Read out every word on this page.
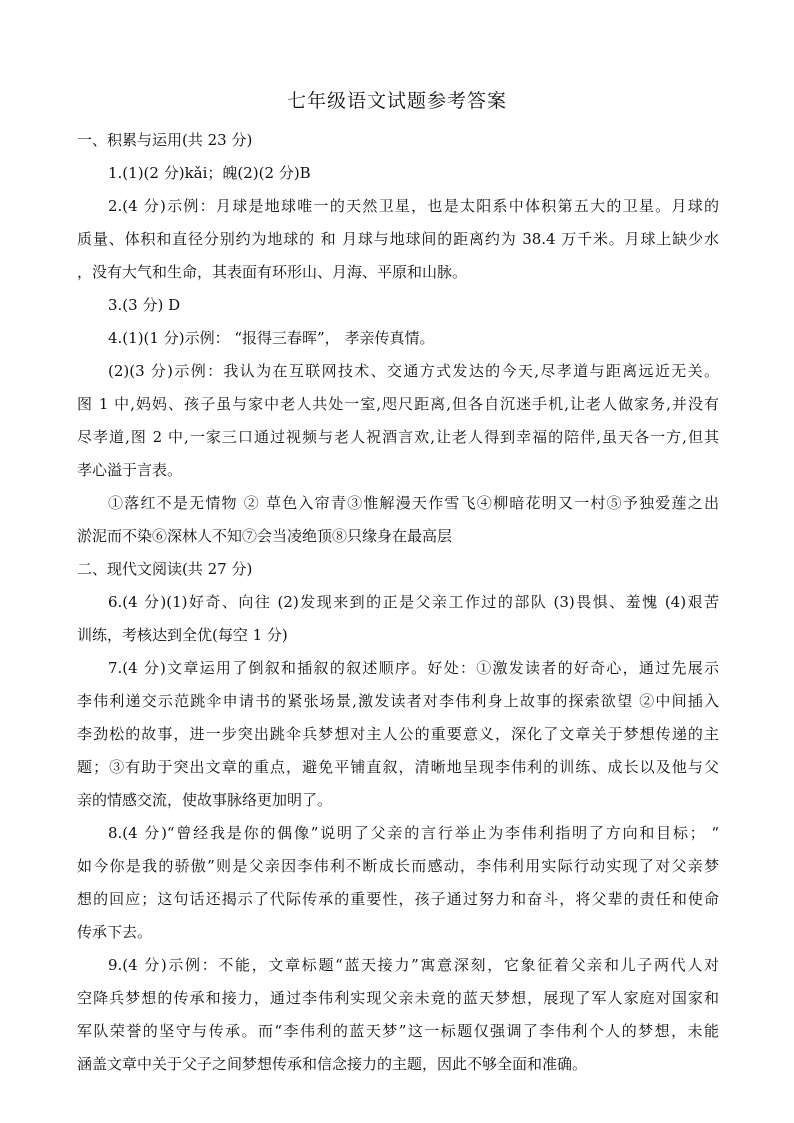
七年级语文试题参考答案
一、积累与运用(共 23 分)
1.(1)(2 分)kǎi；魄(2)(2 分)B
2.(4 分)示例：月球是地球唯一的天然卫星，也是太阳系中体积第五大的卫星。月球的
质量、体积和直径分别约为地球的 和 月球与地球间的距离约为 38.4 万千米。月球上缺少水
，没有大气和生命，其表面有环形山、月海、平原和山脉。
3.(3 分) D
4.(1)(1 分)示例： “报得三春晖”， 孝亲传真情。
(2)(3 分)示例：我认为在互联网技术、交通方式发达的今天,尽孝道与距离远近无关。
图 1 中,妈妈、孩子虽与家中老人共处一室,咫尺距离,但各自沉迷手机,让老人做家务,并没有
尽孝道,图 2 中,一家三口通过视频与老人祝酒言欢,让老人得到幸福的陪伴,虽天各一方,但其
孝心溢于言表。
①落红不是无情物 ② 草色入帘青③惟解漫天作雪飞④柳暗花明又一村⑤予独爱莲之出
淤泥而不染⑥深林人不知⑦会当凌绝顶⑧只缘身在最高层
二、现代文阅读(共 27 分)
6.(4 分)(1)好奇、向往 (2)发现来到的正是父亲工作过的部队 (3)畏惧、羞愧 (4)艰苦
训练，考核达到全优(每空 1 分)
7.(4 分)文章运用了倒叙和插叙的叙述顺序。好处：①激发读者的好奇心，通过先展示
李伟利递交示范跳伞申请书的紧张场景,激发读者对李伟利身上故事的探索欲望 ②中间插入
李劲松的故事，进一步突出跳伞兵梦想对主人公的重要意义，深化了文章关于梦想传递的主
题；③有助于突出文章的重点，避免平铺直叙，清晰地呈现李伟利的训练、成长以及他与父
亲的情感交流，使故事脉络更加明了。
8.(4 分)“曾经我是你的偶像”说明了父亲的言行举止为李伟利指明了方向和目标； “
如今你是我的骄傲”则是父亲因李伟利不断成长而感动，李伟利用实际行动实现了对父亲梦
想的回应；这句话还揭示了代际传承的重要性，孩子通过努力和奋斗，将父辈的责任和使命
传承下去。
9.(4 分)示例：不能，文章标题“蓝天接力”寓意深刻，它象征着父亲和儿子两代人对
空降兵梦想的传承和接力，通过李伟利实现父亲未竟的蓝天梦想，展现了军人家庭对国家和
军队荣誉的坚守与传承。而“李伟利的蓝天梦”这一标题仅强调了李伟利个人的梦想，未能
涵盖文章中关于父子之间梦想传承和信念接力的主题，因此不够全面和准确。
